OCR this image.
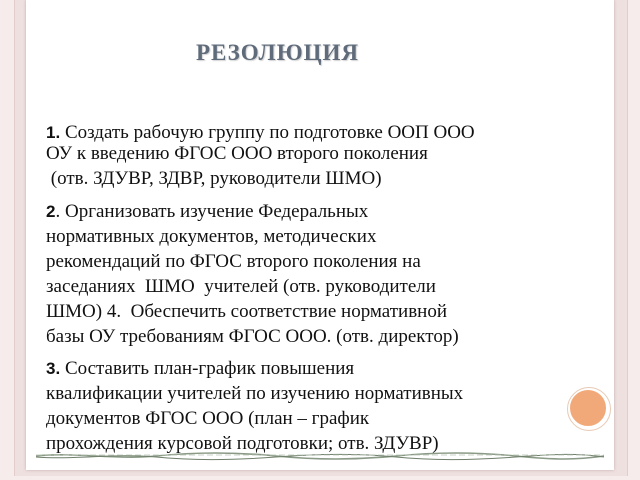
РЕЗОЛЮЦИЯ

1. Создать рабочую группу по подготовке ООП ООО
ОУ к введению ФГОС ООО второго поколения
(отв. ЗДУВР, ЗДВР, руководители ШМО)

2. Организовать изучение Федеральных
нормативных документов, методических
рекомендаций по ФГОС второго поколения на
заседаниях  ШМО  учителей (отв. руководители
ШМО) 4.  Обеспечить соответствие нормативной
базы ОУ требованиям ФГОС ООО. (отв. директор)

3. Составить план-график повышения
квалификации учителей по изучению нормативных
документов ФГОС ООО (план – график
прохождения курсовой подготовки; отв. ЗДУВР)
